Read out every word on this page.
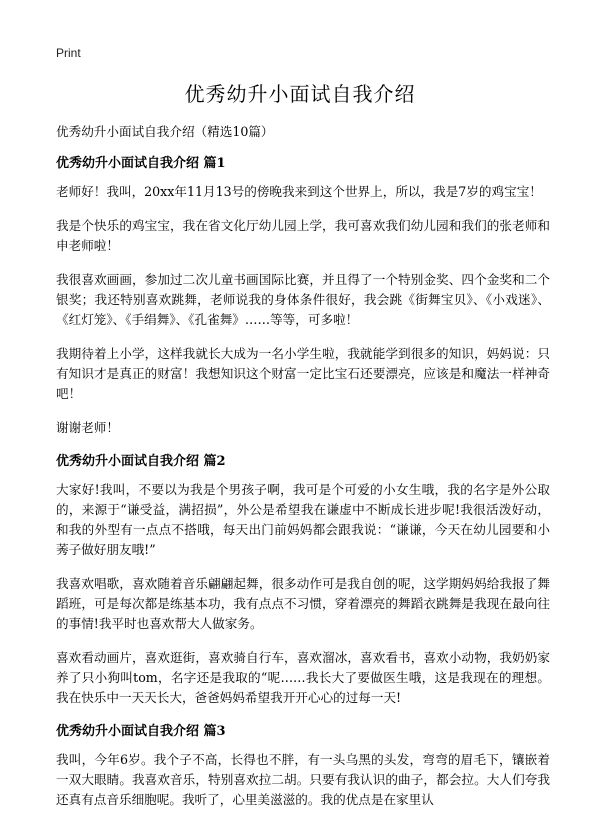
Print
优秀幼升小面试自我介绍

优秀幼升小面试自我介绍（精选10篇）

优秀幼升小面试自我介绍 篇1

老师好！我叫，20xx年11月13号的傍晚我来到这个世界上，所以，我是7岁的鸡宝宝！

我是个快乐的鸡宝宝，我在省文化厅幼儿园上学，我可喜欢我们幼儿园和我们的张老师和申老师啦！

我很喜欢画画，参加过二次儿童书画国际比赛，并且得了一个特别金奖、四个金奖和二个银奖；我还特别喜欢跳舞，老师说我的身体条件很好，我会跳《街舞宝贝》、《小戏迷》、《红灯笼》、《手绢舞》、《孔雀舞》……等等，可多啦！

我期待着上小学，这样我就长大成为一名小学生啦，我就能学到很多的知识，妈妈说：只有知识才是真正的财富！我想知识这个财富一定比宝石还要漂亮，应该是和魔法一样神奇吧！

谢谢老师！

优秀幼升小面试自我介绍 篇2

大家好!我叫，不要以为我是个男孩子啊，我可是个可爱的小女生哦，我的名字是外公取的，来源于“谦受益，满招损”，外公是希望我在谦虚中不断成长进步呢!我很活泼好动，和我的外型有一点点不搭哦，每天出门前妈妈都会跟我说：“谦谦，今天在幼儿园要和小莠子做好朋友哦!”

我喜欢唱歌，喜欢随着音乐翩翩起舞，很多动作可是我自创的呢，这学期妈妈给我报了舞蹈班，可是每次都是练基本功，我有点点不习惯，穿着漂亮的舞蹈衣跳舞是我现在最向往的事情!我平时也喜欢帮大人做家务。

喜欢看动画片，喜欢逛街，喜欢骑自行车，喜欢溜冰，喜欢看书，喜欢小动物，我奶奶家养了只小狗叫tom，名字还是我取的“呢……我长大了要做医生哦，这是我现在的理想。我在快乐中一天天长大，爸爸妈妈希望我开开心心的过每一天!

优秀幼升小面试自我介绍 篇3

我叫，今年6岁。我个子不高，长得也不胖，有一头乌黑的头发，弯弯的眉毛下，镶嵌着一双大眼睛。我喜欢音乐，特别喜欢拉二胡。只要有我认识的曲子，都会拉。大人们夸我还真有点音乐细胞呢。我听了，心里美滋滋的。我的优点是在家里认
